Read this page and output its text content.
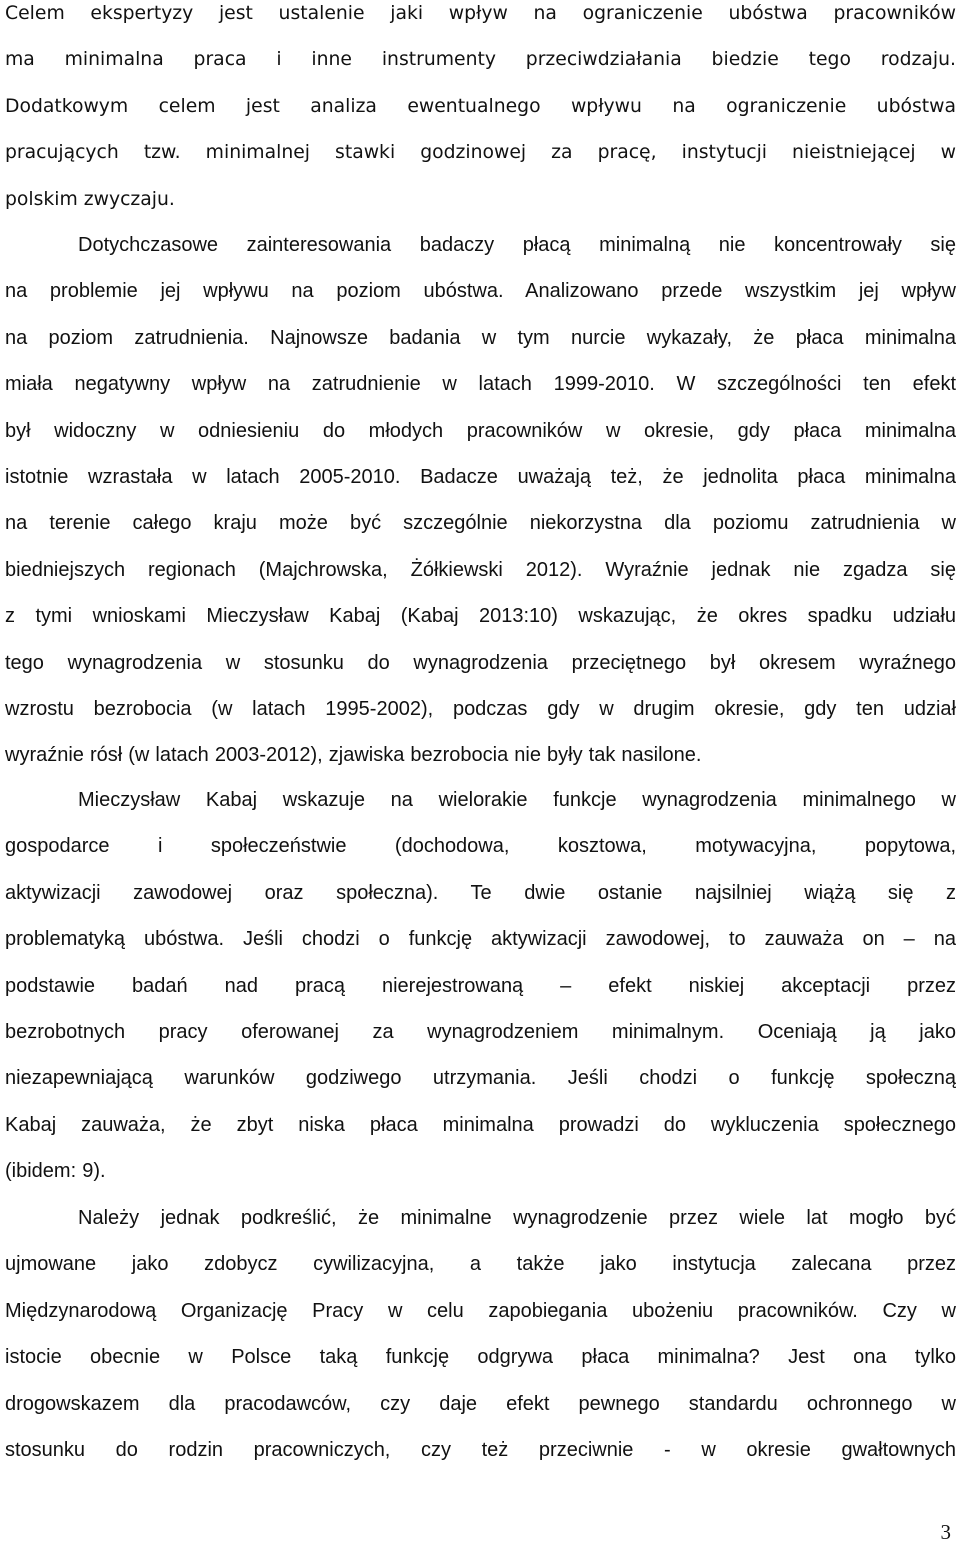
Celem ekspertyzy jest ustalenie jaki wpływ na ograniczenie ubóstwa pracowników
ma minimalna praca i inne instrumenty przeciwdziałania biedzie tego rodzaju.
Dodatkowym celem jest analiza ewentualnego wpływu na ograniczenie ubóstwa
pracujących tzw. minimalnej stawki godzinowej za pracę, instytucji nieistniejącej w
polskim zwyczaju.

Dotychczasowe zainteresowania badaczy płacą minimalną nie koncentrowały się
na problemie jej wpływu na poziom ubóstwa. Analizowano przede wszystkim jej wpływ
na poziom zatrudnienia. Najnowsze badania w tym nurcie wykazały, że płaca minimalna
miała negatywny wpływ na zatrudnienie w latach 1999-2010. W szczególności ten efekt
był widoczny w odniesieniu do młodych pracowników w okresie, gdy płaca minimalna
istotnie wzrastała w latach 2005-2010. Badacze uważają też, że jednolita płaca minimalna
na terenie całego kraju może być szczególnie niekorzystna dla poziomu zatrudnienia w
biedniejszych regionach (Majchrowska, Żółkiewski 2012). Wyraźnie jednak nie zgadza się
z tymi wnioskami Mieczysław Kabaj (Kabaj 2013:10) wskazując, że okres spadku udziału
tego wynagrodzenia w stosunku do wynagrodzenia przeciętnego był okresem wyraźnego
wzrostu bezrobocia (w latach 1995-2002), podczas gdy w drugim okresie, gdy ten udział
wyraźnie rósł (w latach 2003-2012), zjawiska bezrobocia nie były tak nasilone.

Mieczysław Kabaj wskazuje na wielorakie funkcje wynagrodzenia minimalnego w
gospodarce i społeczeństwie (dochodowa, kosztowa, motywacyjna, popytowa,
aktywizacji zawodowej oraz społeczna). Te dwie ostanie najsilniej wiążą się z
problematyką ubóstwa. Jeśli chodzi o funkcję aktywizacji zawodowej, to zauważa on – na
podstawie badań nad pracą nierejestrowaną – efekt niskiej akceptacji przez
bezrobotnych pracy oferowanej za wynagrodzeniem minimalnym. Oceniają ją jako
niezapewniającą warunków godziwego utrzymania. Jeśli chodzi o funkcję społeczną
Kabaj zauważa, że zbyt niska płaca minimalna prowadzi do wykluczenia społecznego
(ibidem: 9).

Należy jednak podkreślić, że minimalne wynagrodzenie przez wiele lat mogło być
ujmowane jako zdobycz cywilizacyjna, a także jako instytucja zalecana przez
Międzynarodową Organizację Pracy w celu zapobiegania ubożeniu pracowników. Czy w
istocie obecnie w Polsce taką funkcję odgrywa płaca minimalna? Jest ona tylko
drogowskazem dla pracodawców, czy daje efekt pewnego standardu ochronnego w
stosunku do rodzin pracowniczych, czy też przeciwnie - w okresie gwałtownych

3
